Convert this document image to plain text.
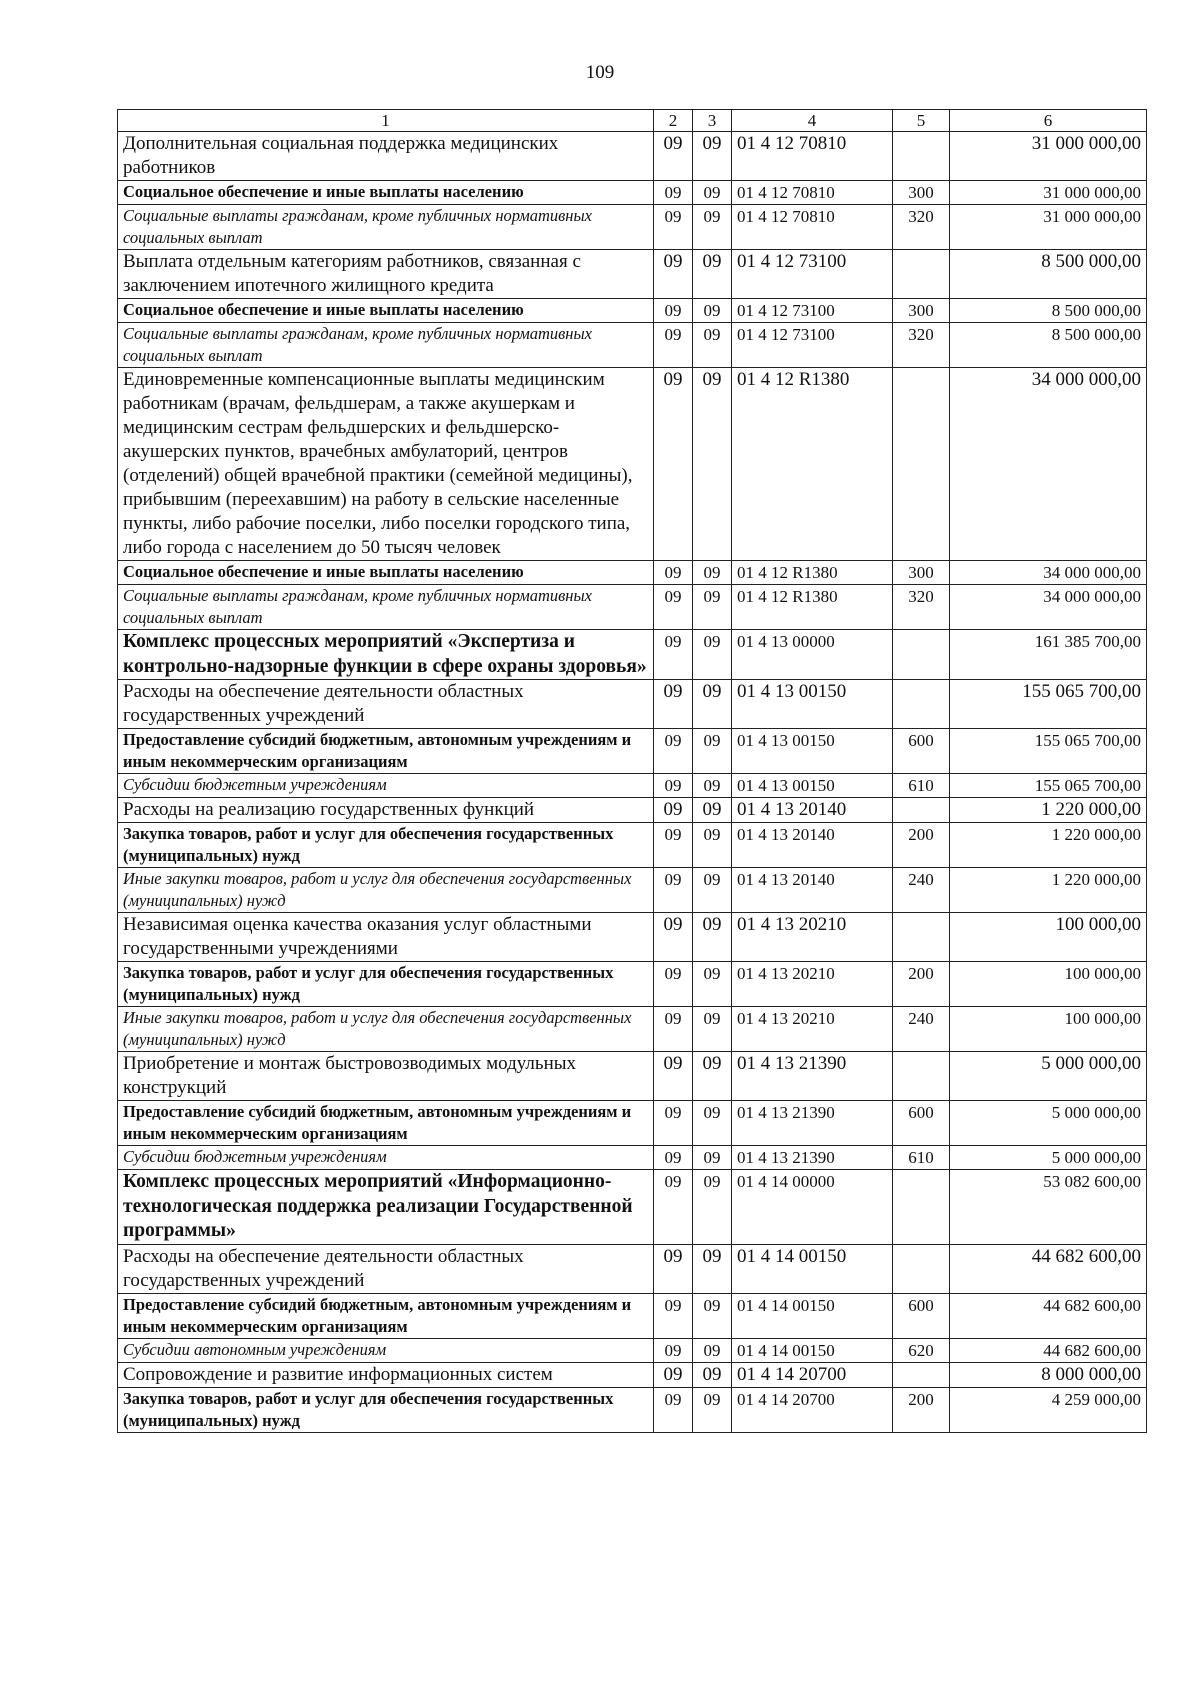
109
1	2	3	4	5	6
Дополнительная социальная поддержка медицинских работников	09	09	01 4 12 70810		31 000 000,00
Социальное обеспечение и иные выплаты населению	09	09	01 4 12 70810	300	31 000 000,00
Социальные выплаты гражданам, кроме публичных нормативных социальных выплат	09	09	01 4 12 70810	320	31 000 000,00
Выплата отдельным категориям работников, связанная с заключением ипотечного жилищного кредита	09	09	01 4 12 73100		8 500 000,00
Социальное обеспечение и иные выплаты населению	09	09	01 4 12 73100	300	8 500 000,00
Социальные выплаты гражданам, кроме публичных нормативных социальных выплат	09	09	01 4 12 73100	320	8 500 000,00
Единовременные компенсационные выплаты медицинским работникам (врачам, фельдшерам, а также акушеркам и медицинским сестрам фельдшерских и фельдшерско-акушерских пунктов, врачебных амбулаторий, центров (отделений) общей врачебной практики (семейной медицины), прибывшим (переехавшим) на работу в сельские населенные пункты, либо рабочие поселки, либо поселки городского типа, либо города с населением до 50 тысяч человек	09	09	01 4 12 R1380		34 000 000,00
Социальное обеспечение и иные выплаты населению	09	09	01 4 12 R1380	300	34 000 000,00
Социальные выплаты гражданам, кроме публичных нормативных социальных выплат	09	09	01 4 12 R1380	320	34 000 000,00
Комплекс процессных мероприятий «Экспертиза и контрольно-надзорные функции в сфере охраны здоровья»	09	09	01 4 13 00000		161 385 700,00
Расходы на обеспечение деятельности областных государственных учреждений	09	09	01 4 13 00150		155 065 700,00
Предоставление субсидий бюджетным, автономным учреждениям и иным некоммерческим организациям	09	09	01 4 13 00150	600	155 065 700,00
Субсидии бюджетным учреждениям	09	09	01 4 13 00150	610	155 065 700,00
Расходы на реализацию государственных функций	09	09	01 4 13 20140		1 220 000,00
Закупка товаров, работ и услуг для обеспечения государственных (муниципальных) нужд	09	09	01 4 13 20140	200	1 220 000,00
Иные закупки товаров, работ и услуг для обеспечения государственных (муниципальных) нужд	09	09	01 4 13 20140	240	1 220 000,00
Независимая оценка качества оказания услуг областными государственными учреждениями	09	09	01 4 13 20210		100 000,00
Закупка товаров, работ и услуг для обеспечения государственных (муниципальных) нужд	09	09	01 4 13 20210	200	100 000,00
Иные закупки товаров, работ и услуг для обеспечения государственных (муниципальных) нужд	09	09	01 4 13 20210	240	100 000,00
Приобретение и монтаж быстровозводимых модульных конструкций	09	09	01 4 13 21390		5 000 000,00
Предоставление субсидий бюджетным, автономным учреждениям и иным некоммерческим организациям	09	09	01 4 13 21390	600	5 000 000,00
Субсидии бюджетным учреждениям	09	09	01 4 13 21390	610	5 000 000,00
Комплекс процессных мероприятий «Информационно-технологическая поддержка реализации Государственной программы»	09	09	01 4 14 00000		53 082 600,00
Расходы на обеспечение деятельности областных государственных учреждений	09	09	01 4 14 00150		44 682 600,00
Предоставление субсидий бюджетным, автономным учреждениям и иным некоммерческим организациям	09	09	01 4 14 00150	600	44 682 600,00
Субсидии автономным учреждениям	09	09	01 4 14 00150	620	44 682 600,00
Сопровождение и развитие информационных систем	09	09	01 4 14 20700		8 000 000,00
Закупка товаров, работ и услуг для обеспечения государственных (муниципальных) нужд	09	09	01 4 14 20700	200	4 259 000,00
